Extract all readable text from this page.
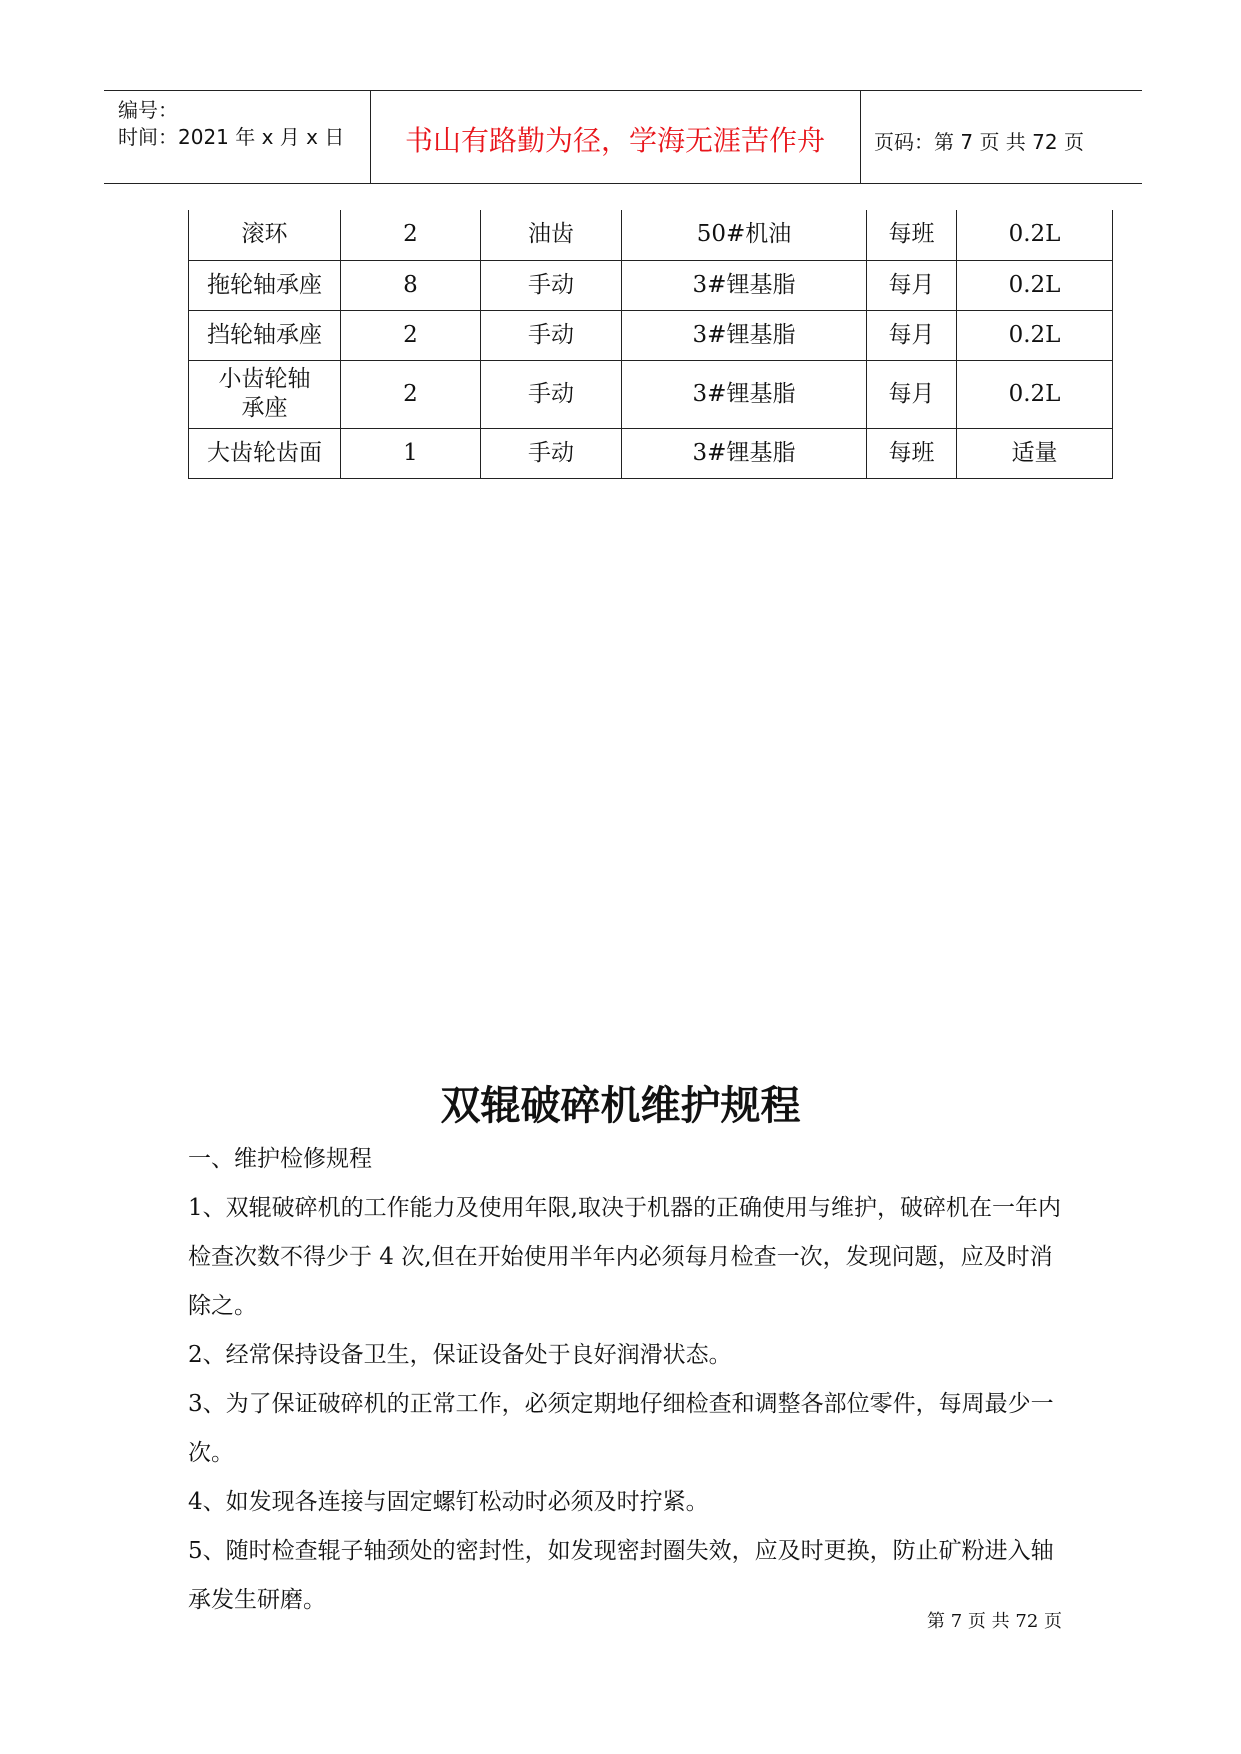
编号：
时间：2021 年 x 月 x 日	书山有路勤为径，学海无涯苦作舟	页码：第 7 页 共 72 页
滚环	2	油齿	50#机油	每班	0.2L
拖轮轴承座	8	手动	3#锂基脂	每月	0.2L
挡轮轴承座	2	手动	3#锂基脂	每月	0.2L
小齿轮轴承座	2	手动	3#锂基脂	每月	0.2L
大齿轮齿面	1	手动	3#锂基脂	每班	适量
双辊破碎机维护规程

一、维护检修规程

1、双辊破碎机的工作能力及使用年限,取决于机器的正确使用与维护，破碎机在一年内检查次数不得少于 4 次,但在开始使用半年内必须每月检查一次，发现问题，应及时消除之。

2、经常保持设备卫生，保证设备处于良好润滑状态。

3、为了保证破碎机的正常工作，必须定期地仔细检查和调整各部位零件，每周最少一次。

4、如发现各连接与固定螺钉松动时必须及时拧紧。

5、随时检查辊子轴颈处的密封性，如发现密封圈失效，应及时更换，防止矿粉进入轴承发生研磨。

第 7 页 共 72 页
